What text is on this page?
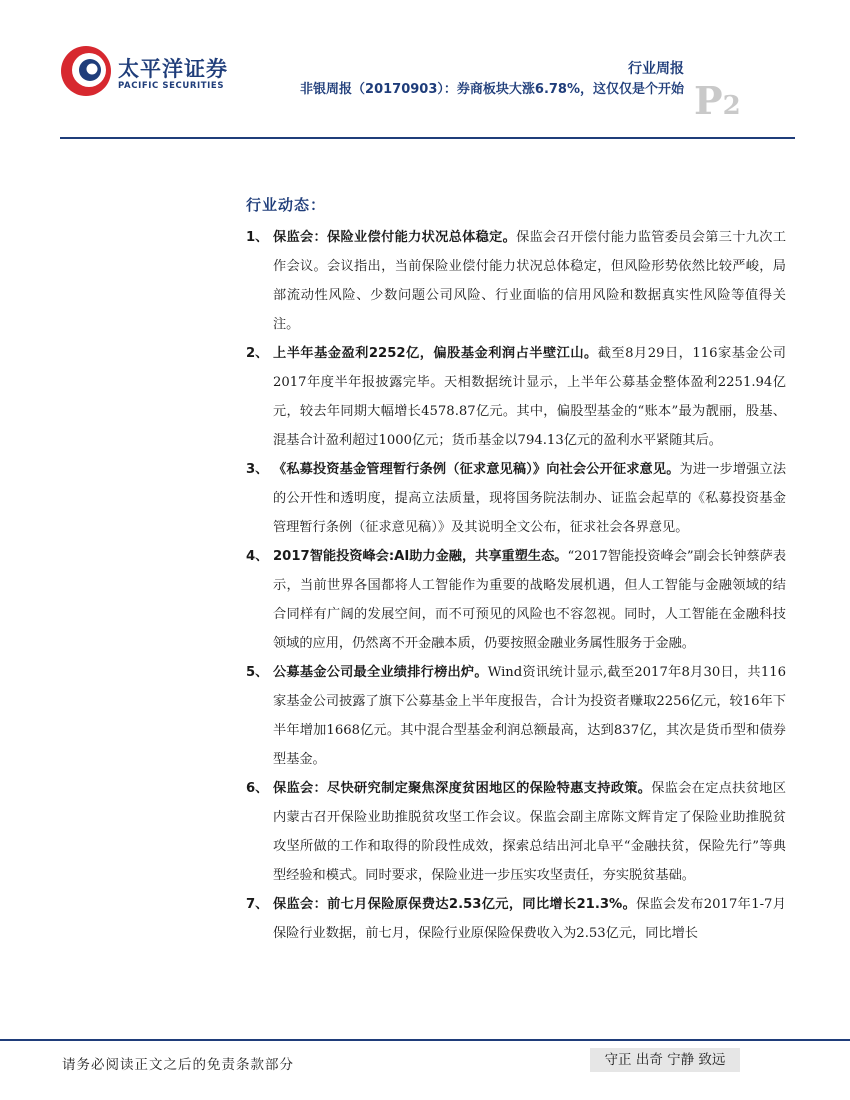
太平洋证券
PACIFIC SECURITIES
行业周报
非银周报（20170903）：券商板块大涨6.78%，这仅仅是个开始 P2
行业动态：
1、 保监会：保险业偿付能力状况总体稳定。保监会召开偿付能力监管委员会第三十九次工作会议。会议指出，当前保险业偿付能力状况总体稳定，但风险形势依然比较严峻，局部流动性风险、少数问题公司风险、行业面临的信用风险和数据真实性风险等值得关注。
2、 上半年基金盈利2252亿，偏股基金利润占半壁江山。截至8月29日，116家基金公司2017年度半年报披露完毕。天相数据统计显示，上半年公募基金整体盈利2251.94亿元，较去年同期大幅增长4578.87亿元。其中，偏股型基金的“账本”最为靓丽，股基、混基合计盈利超过1000亿元；货币基金以794.13亿元的盈利水平紧随其后。
3、 《私募投资基金管理暂行条例（征求意见稿）》向社会公开征求意见。为进一步增强立法的公开性和透明度，提高立法质量，现将国务院法制办、证监会起草的《私募投资基金管理暂行条例（征求意见稿）》及其说明全文公布，征求社会各界意见。
4、 2017智能投资峰会:AI助力金融，共享重塑生态。“2017智能投资峰会”副会长钟蔡萨表示，当前世界各国都将人工智能作为重要的战略发展机遇，但人工智能与金融领域的结合同样有广阔的发展空间，而不可预见的风险也不容忽视。同时，人工智能在金融科技领域的应用，仍然离不开金融本质，仍要按照金融业务属性服务于金融。
5、 公募基金公司最全业绩排行榜出炉。Wind资讯统计显示,截至2017年8月30日，共116家基金公司披露了旗下公募基金上半年度报告，合计为投资者赚取2256亿元，较16年下半年增加1668亿元。其中混合型基金利润总额最高，达到837亿，其次是货币型和债券型基金。
6、 保监会：尽快研究制定聚焦深度贫困地区的保险特惠支持政策。保监会在定点扶贫地区内蒙古召开保险业助推脱贫攻坚工作会议。保监会副主席陈文辉肯定了保险业助推脱贫攻坚所做的工作和取得的阶段性成效，探索总结出河北阜平“金融扶贫，保险先行”等典型经验和模式。同时要求，保险业进一步压实攻坚责任，夯实脱贫基础。
7、 保监会：前七月保险原保费达2.53亿元，同比增长21.3%。保监会发布2017年1-7月保险行业数据，前七月，保险行业原保险保费收入为2.53亿元，同比增长
请务必阅读正文之后的免责条款部分	守正 出奇 宁静 致远
